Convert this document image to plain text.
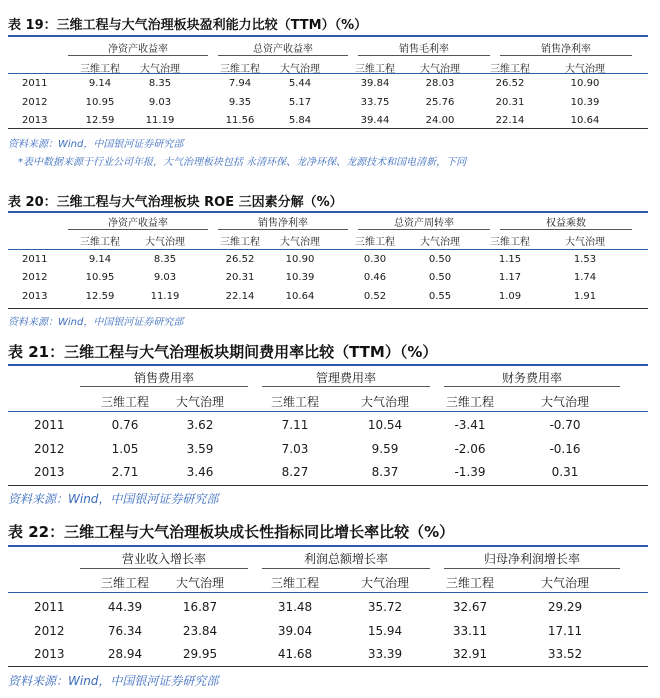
表 19：三维工程与大气治理板块盈利能力比较（TTM）（%）
净资产收益率	总资产收益率	销售毛利率	销售净利率
三维工程	大气治理	三维工程	大气治理	三维工程	大气治理	三维工程	大气治理
2011	9.14	8.35	7.94	5.44	39.84	28.03	26.52	10.90
2012	10.95	9.03	9.35	5.17	33.75	25.76	20.31	10.39
2013	12.59	11.19	11.56	5.84	39.44	24.00	22.14	10.64
资料来源：Wind，中国银河证券研究部
*表中数据来源于行业公司年报，大气治理板块包括 永清环保、龙净环保、龙源技术和国电清新，下同
表 20：三维工程与大气治理板块 ROE 三因素分解（%）
净资产收益率	销售净利率	总资产周转率	权益乘数
三维工程	大气治理	三维工程	大气治理	三维工程	大气治理	三维工程	大气治理
2011	9.14	8.35	26.52	10.90	0.30	0.50	1.15	1.53
2012	10.95	9.03	20.31	10.39	0.46	0.50	1.17	1.74
2013	12.59	11.19	22.14	10.64	0.52	0.55	1.09	1.91
资料来源：Wind，中国银河证券研究部
表 21：三维工程与大气治理板块期间费用率比较（TTM）（%）
销售费用率	管理费用率	财务费用率
三维工程	大气治理	三维工程	大气治理	三维工程	大气治理
2011	0.76	3.62	7.11	10.54	-3.41	-0.70
2012	1.05	3.59	7.03	9.59	-2.06	-0.16
2013	2.71	3.46	8.27	8.37	-1.39	0.31
资料来源：Wind，中国银河证券研究部
表 22：三维工程与大气治理板块成长性指标同比增长率比较（%）
营业收入增长率	利润总额增长率	归母净利润增长率
三维工程	大气治理	三维工程	大气治理	三维工程	大气治理
2011	44.39	16.87	31.48	35.72	32.67	29.29
2012	76.34	23.84	39.04	15.94	33.11	17.11
2013	28.94	29.95	41.68	33.39	32.91	33.52
资料来源：Wind，中国银河证券研究部
